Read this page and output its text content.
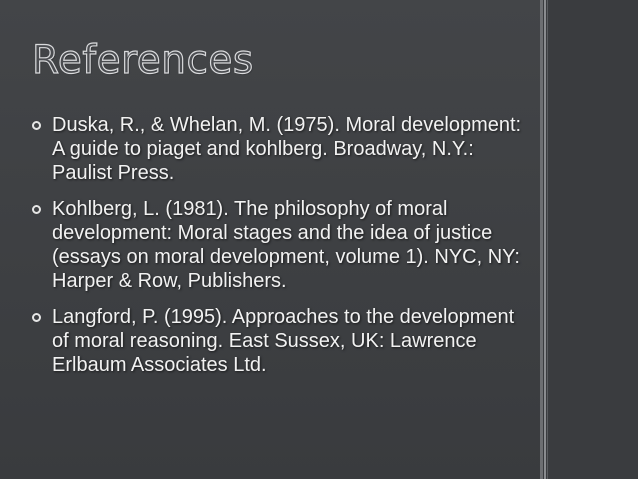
References
Duska, R., & Whelan, M. (1975). Moral development: A guide to piaget and kohlberg. Broadway, N.Y.: Paulist Press.
Kohlberg, L. (1981). The philosophy of moral development: Moral stages and the idea of justice (essays on moral development, volume 1). NYC, NY: Harper & Row, Publishers.
Langford, P. (1995). Approaches to the development of moral reasoning. East Sussex, UK: Lawrence Erlbaum Associates Ltd.
